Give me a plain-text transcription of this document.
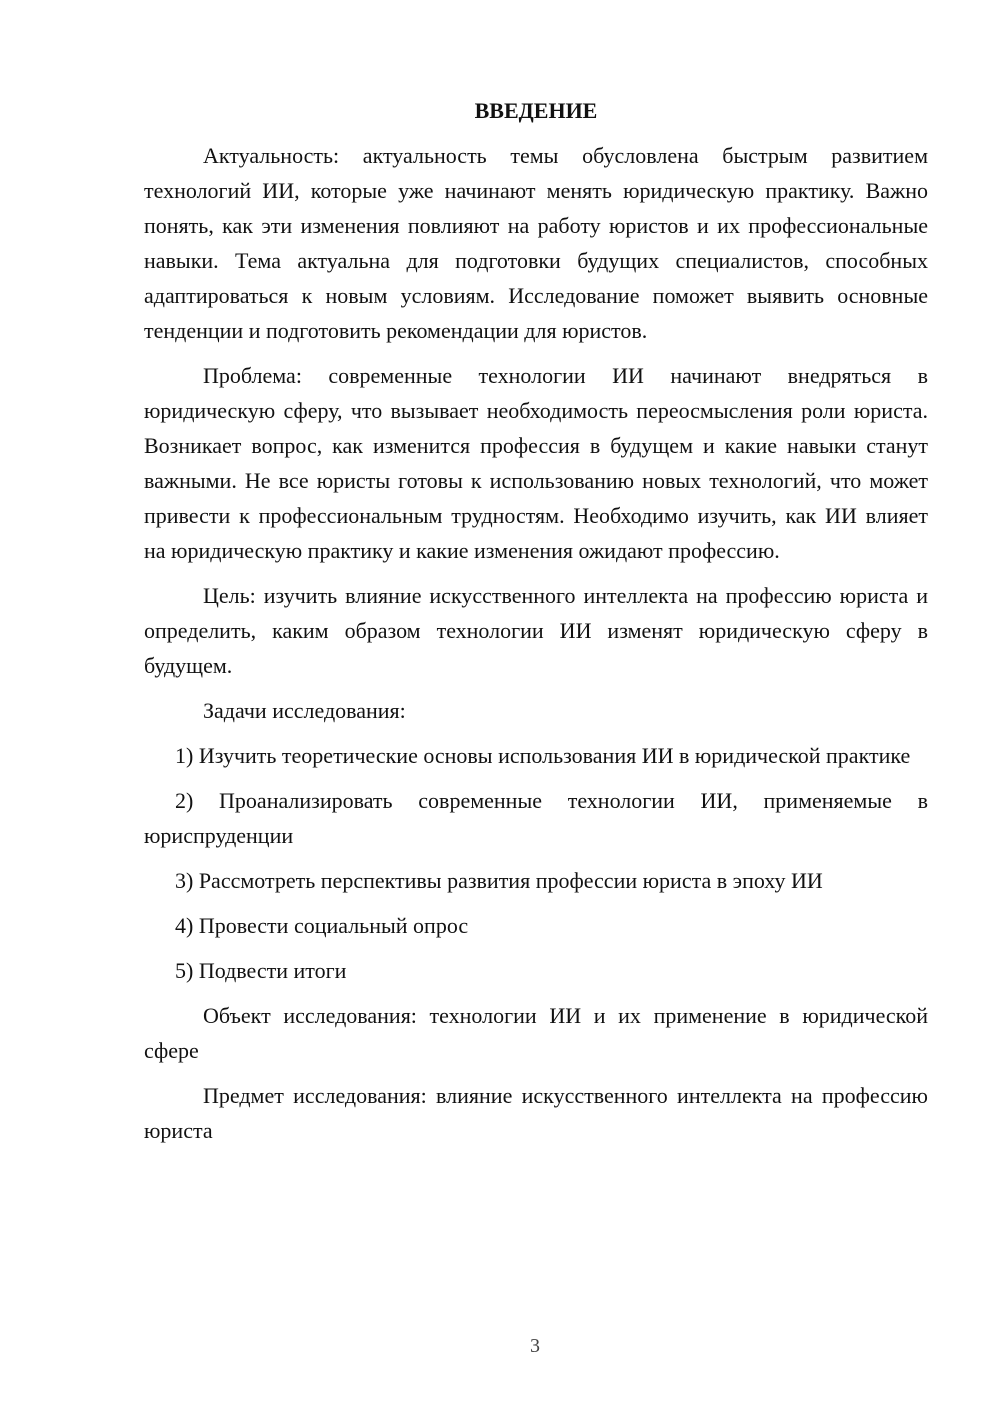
ВВЕДЕНИЕ

Актуальность: актуальность темы обусловлена быстрым развитием технологий ИИ, которые уже начинают менять юридическую практику. Важно понять, как эти изменения повлияют на работу юристов и их профессиональные навыки. Тема актуальна для подготовки будущих специалистов, способных адаптироваться к новым условиям. Исследование поможет выявить основные тенденции и подготовить рекомендации для юристов.

Проблема: современные технологии ИИ начинают внедряться в юридическую сферу, что вызывает необходимость переосмысления роли юриста. Возникает вопрос, как изменится профессия в будущем и какие навыки станут важными. Не все юристы готовы к использованию новых технологий, что может привести к профессиональным трудностям. Необходимо изучить, как ИИ влияет на юридическую практику и какие изменения ожидают профессию.

Цель: изучить влияние искусственного интеллекта на профессию юриста и определить, каким образом технологии ИИ изменят юридическую сферу в будущем.

Задачи исследования:

1) Изучить теоретические основы использования ИИ в юридической практике

2) Проанализировать современные технологии ИИ, применяемые в юриспруденции

3) Рассмотреть перспективы развития профессии юриста в эпоху ИИ

4) Провести социальный опрос

5) Подвести итоги

Объект исследования: технологии ИИ и их применение в юридической сфере

Предмет исследования: влияние искусственного интеллекта на профессию юриста

3
